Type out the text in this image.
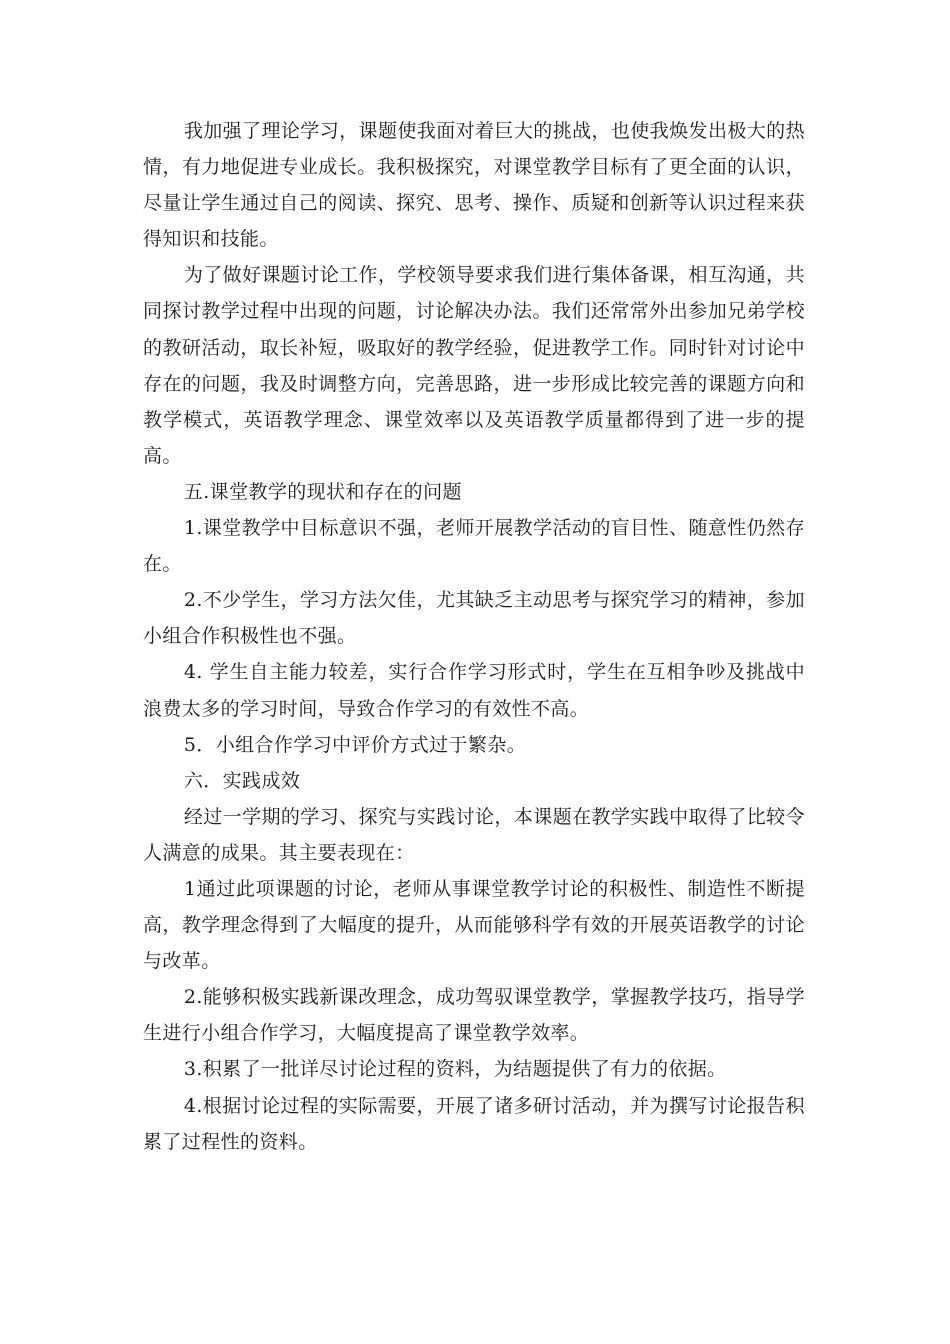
我加强了理论学习，课题使我面对着巨大的挑战，也使我焕发出极大的热情，有力地促进专业成长。我积极探究，对课堂教学目标有了更全面的认识，尽量让学生通过自己的阅读、探究、思考、操作、质疑和创新等认识过程来获得知识和技能。

为了做好课题讨论工作，学校领导要求我们进行集体备课，相互沟通，共同探讨教学过程中出现的问题，讨论解决办法。我们还常常外出参加兄弟学校的教研活动，取长补短，吸取好的教学经验，促进教学工作。同时针对讨论中存在的问题，我及时调整方向，完善思路，进一步形成比较完善的课题方向和教学模式，英语教学理念、课堂效率以及英语教学质量都得到了进一步的提高。

五.课堂教学的现状和存在的问题

1.课堂教学中目标意识不强，老师开展教学活动的盲目性、随意性仍然存在。

2.不少学生，学习方法欠佳，尤其缺乏主动思考与探究学习的精神，参加小组合作积极性也不强。

4. 学生自主能力较差，实行合作学习形式时，学生在互相争吵及挑战中浪费太多的学习时间，导致合作学习的有效性不高。

5．小组合作学习中评价方式过于繁杂。

六．实践成效

经过一学期的学习、探究与实践讨论，本课题在教学实践中取得了比较令人满意的成果。其主要表现在：

1通过此项课题的讨论，老师从事课堂教学讨论的积极性、制造性不断提高，教学理念得到了大幅度的提升，从而能够科学有效的开展英语教学的讨论与改革。

2.能够积极实践新课改理念，成功驾驭课堂教学，掌握教学技巧，指导学生进行小组合作学习，大幅度提高了课堂教学效率。

3.积累了一批详尽讨论过程的资料，为结题提供了有力的依据。

4.根据讨论过程的实际需要，开展了诸多研讨活动，并为撰写讨论报告积累了过程性的资料。
